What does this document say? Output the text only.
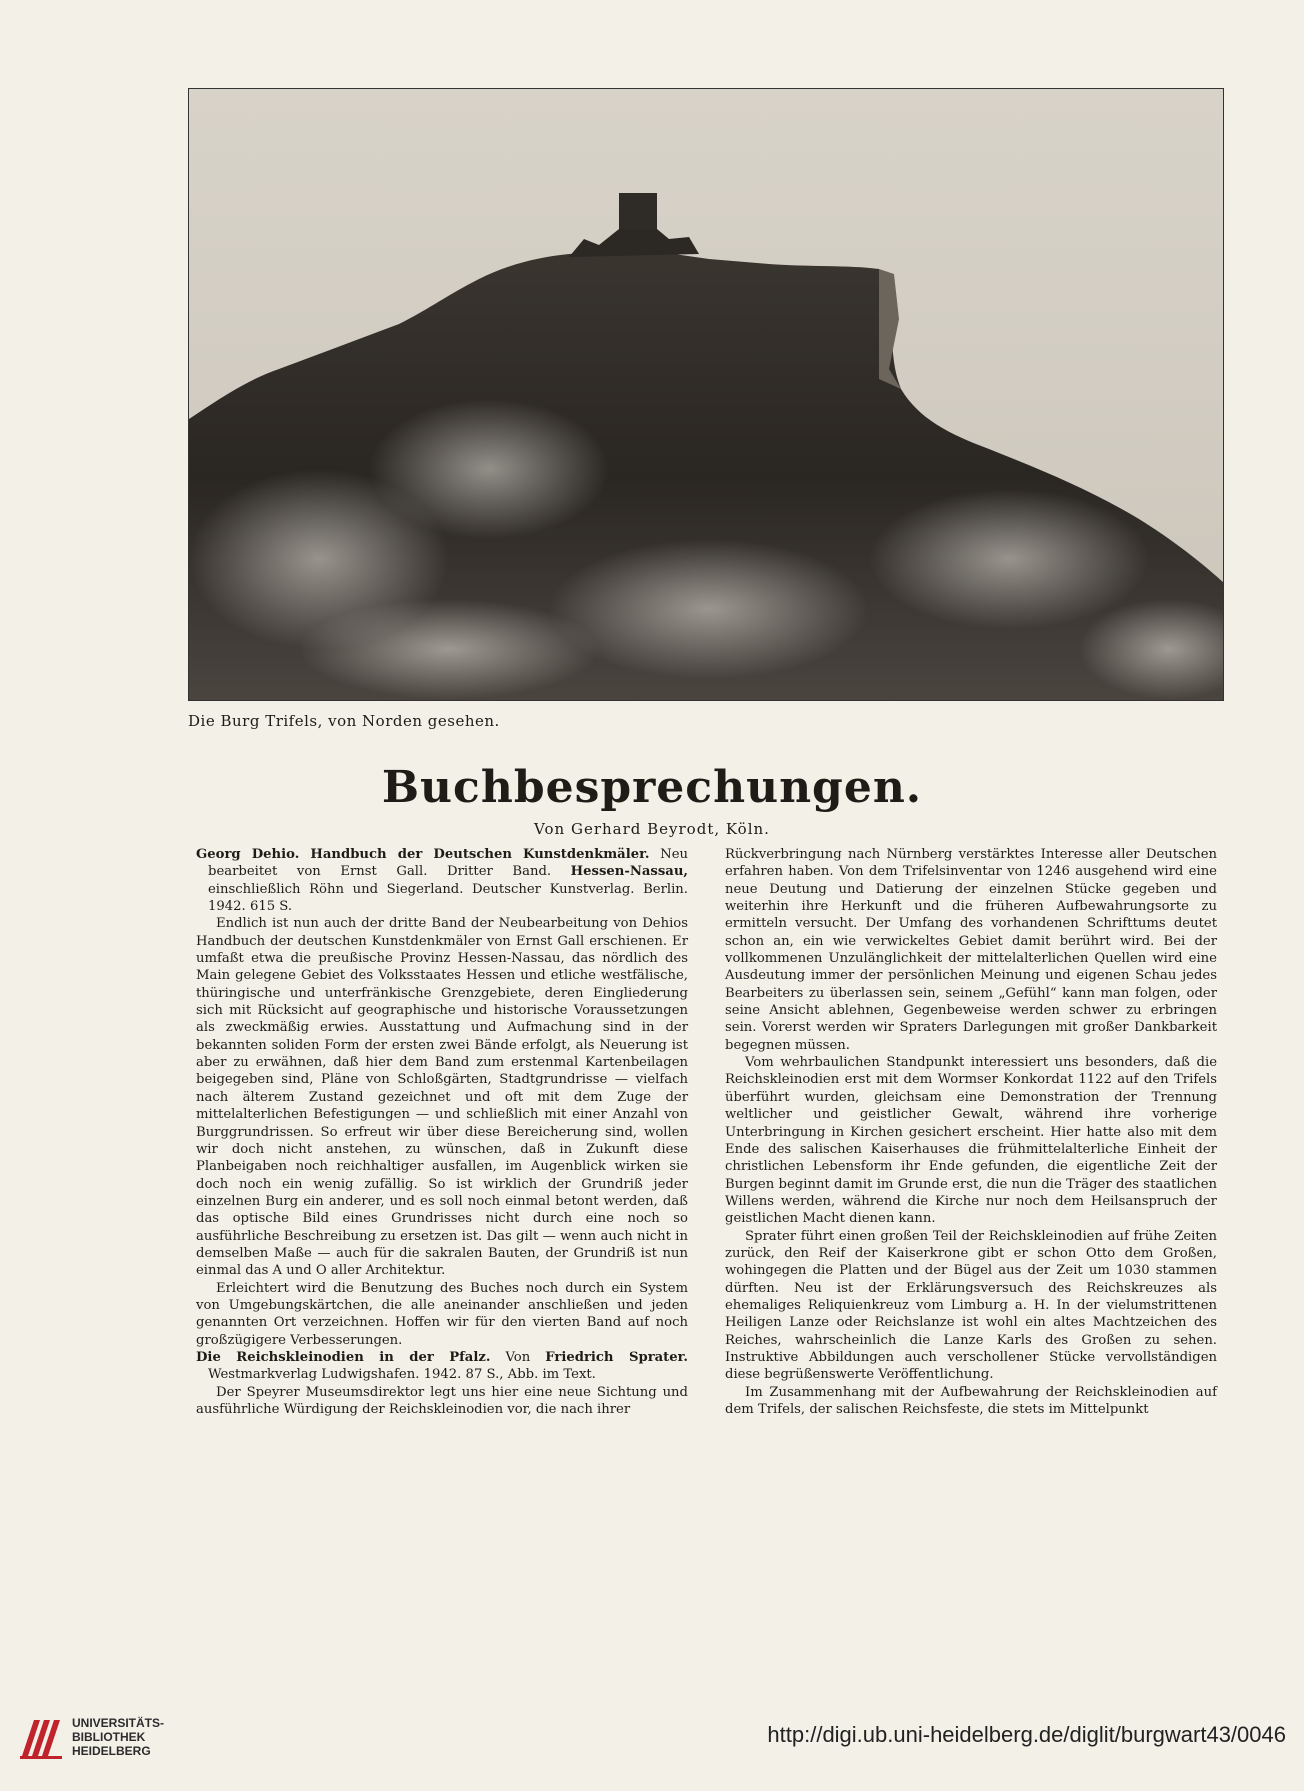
Die Burg Trifels, von Norden gesehen.
Buchbesprechungen.
Von Gerhard Beyrodt, Köln.

Georg Dehio. Handbuch der Deutschen Kunstdenkmäler. Neu bearbeitet von Ernst Gall. Dritter Band. Hessen-Nassau, einschließlich Röhn und Siegerland. Deutscher Kunstverlag. Berlin. 1942. 615 S.

Endlich ist nun auch der dritte Band der Neubearbeitung von Dehios Handbuch der deutschen Kunstdenkmäler von Ernst Gall erschienen. Er umfaßt etwa die preußische Provinz Hessen-Nassau, das nördlich des Main gelegene Gebiet des Volksstaates Hessen und etliche westfälische, thüringische und unterfränkische Grenzgebiete, deren Eingliederung sich mit Rücksicht auf geographische und historische Voraussetzungen als zweckmäßig erwies. Ausstattung und Aufmachung sind in der bekannten soliden Form der ersten zwei Bände erfolgt, als Neuerung ist aber zu erwähnen, daß hier dem Band zum erstenmal Kartenbeilagen beigegeben sind, Pläne von Schloßgärten, Stadtgrundrisse — vielfach nach älterem Zustand gezeichnet und oft mit dem Zuge der mittelalterlichen Befestigungen — und schließlich mit einer Anzahl von Burggrundrissen. So erfreut wir über diese Bereicherung sind, wollen wir doch nicht anstehen, zu wünschen, daß in Zukunft diese Planbeigaben noch reichhaltiger ausfallen, im Augenblick wirken sie doch noch ein wenig zufällig. So ist wirklich der Grundriß jeder einzelnen Burg ein anderer, und es soll noch einmal betont werden, daß das optische Bild eines Grundrisses nicht durch eine noch so ausführliche Beschreibung zu ersetzen ist. Das gilt — wenn auch nicht in demselben Maße — auch für die sakralen Bauten, der Grundriß ist nun einmal das A und O aller Architektur.

Erleichtert wird die Benutzung des Buches noch durch ein System von Umgebungskärtchen, die alle aneinander anschließen und jeden genannten Ort verzeichnen. Hoffen wir für den vierten Band auf noch großzügigere Verbesserungen.

Die Reichskleinodien in der Pfalz. Von Friedrich Sprater. Westmarkverlag Ludwigshafen. 1942. 87 S., Abb. im Text.

Der Speyrer Museumsdirektor legt uns hier eine neue Sichtung und ausführliche Würdigung der Reichskleinodien vor, die nach ihrer

Rückverbringung nach Nürnberg verstärktes Interesse aller Deutschen erfahren haben. Von dem Trifelsinventar von 1246 ausgehend wird eine neue Deutung und Datierung der einzelnen Stücke gegeben und weiterhin ihre Herkunft und die früheren Aufbewahrungsorte zu ermitteln versucht. Der Umfang des vorhandenen Schrifttums deutet schon an, ein wie verwickeltes Gebiet damit berührt wird. Bei der vollkommenen Unzulänglichkeit der mittelalterlichen Quellen wird eine Ausdeutung immer der persönlichen Meinung und eigenen Schau jedes Bearbeiters zu überlassen sein, seinem „Gefühl“ kann man folgen, oder seine Ansicht ablehnen, Gegenbeweise werden schwer zu erbringen sein. Vorerst werden wir Spraters Darlegungen mit großer Dankbarkeit begegnen müssen.

Vom wehrbaulichen Standpunkt interessiert uns besonders, daß die Reichskleinodien erst mit dem Wormser Konkordat 1122 auf den Trifels überführt wurden, gleichsam eine Demonstration der Trennung weltlicher und geistlicher Gewalt, während ihre vorherige Unterbringung in Kirchen gesichert erscheint. Hier hatte also mit dem Ende des salischen Kaiserhauses die frühmittelalterliche Einheit der christlichen Lebensform ihr Ende gefunden, die eigentliche Zeit der Burgen beginnt damit im Grunde erst, die nun die Träger des staatlichen Willens werden, während die Kirche nur noch dem Heilsanspruch der geistlichen Macht dienen kann.

Sprater führt einen großen Teil der Reichskleinodien auf frühe Zeiten zurück, den Reif der Kaiserkrone gibt er schon Otto dem Großen, wohingegen die Platten und der Bügel aus der Zeit um 1030 stammen dürften. Neu ist der Erklärungsversuch des Reichskreuzes als ehemaliges Reliquienkreuz vom Limburg a. H. In der vielumstrittenen Heiligen Lanze oder Reichslanze ist wohl ein altes Machtzeichen des Reiches, wahrscheinlich die Lanze Karls des Großen zu sehen. Instruktive Abbildungen auch verschollener Stücke vervollständigen diese begrüßenswerte Veröffentlichung.

Im Zusammenhang mit der Aufbewahrung der Reichskleinodien auf dem Trifels, der salischen Reichsfeste, die stets im Mittelpunkt

UNIVERSITÄTS-
BIBLIOTHEK
HEIDELBERG
http://digi.ub.uni-heidelberg.de/diglit/burgwart43/0046
